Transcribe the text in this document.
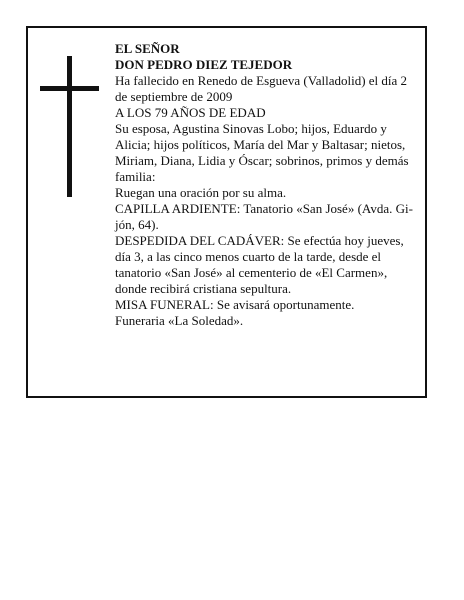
EL SEÑOR

DON PEDRO DIEZ TEJEDOR

Ha fallecido en Renedo de Esgueva (Valladolid) el día 2 de septiembre de 2009

A LOS 79 AÑOS DE EDAD

Su esposa, Agustina Sinovas Lobo; hijos, Eduardo y Alicia; hijos políticos, María del Mar y Baltasar; nietos, Miriam, Diana, Lidia y Óscar; sobrinos, primos y demás familia:

Ruegan una oración por su alma.

CAPILLA ARDIENTE: Tanatorio «San José» (Avda. Gi- jón, 64).

DESPEDIDA DEL CADÁVER: Se efectúa hoy jueves, día 3, a las cinco menos cuarto de la tarde, desde el tanatorio «San José» al cementerio de «El Carmen», donde recibirá cristiana sepultura.

MISA FUNERAL: Se avisará oportunamente.

Funeraria «La Soledad».
